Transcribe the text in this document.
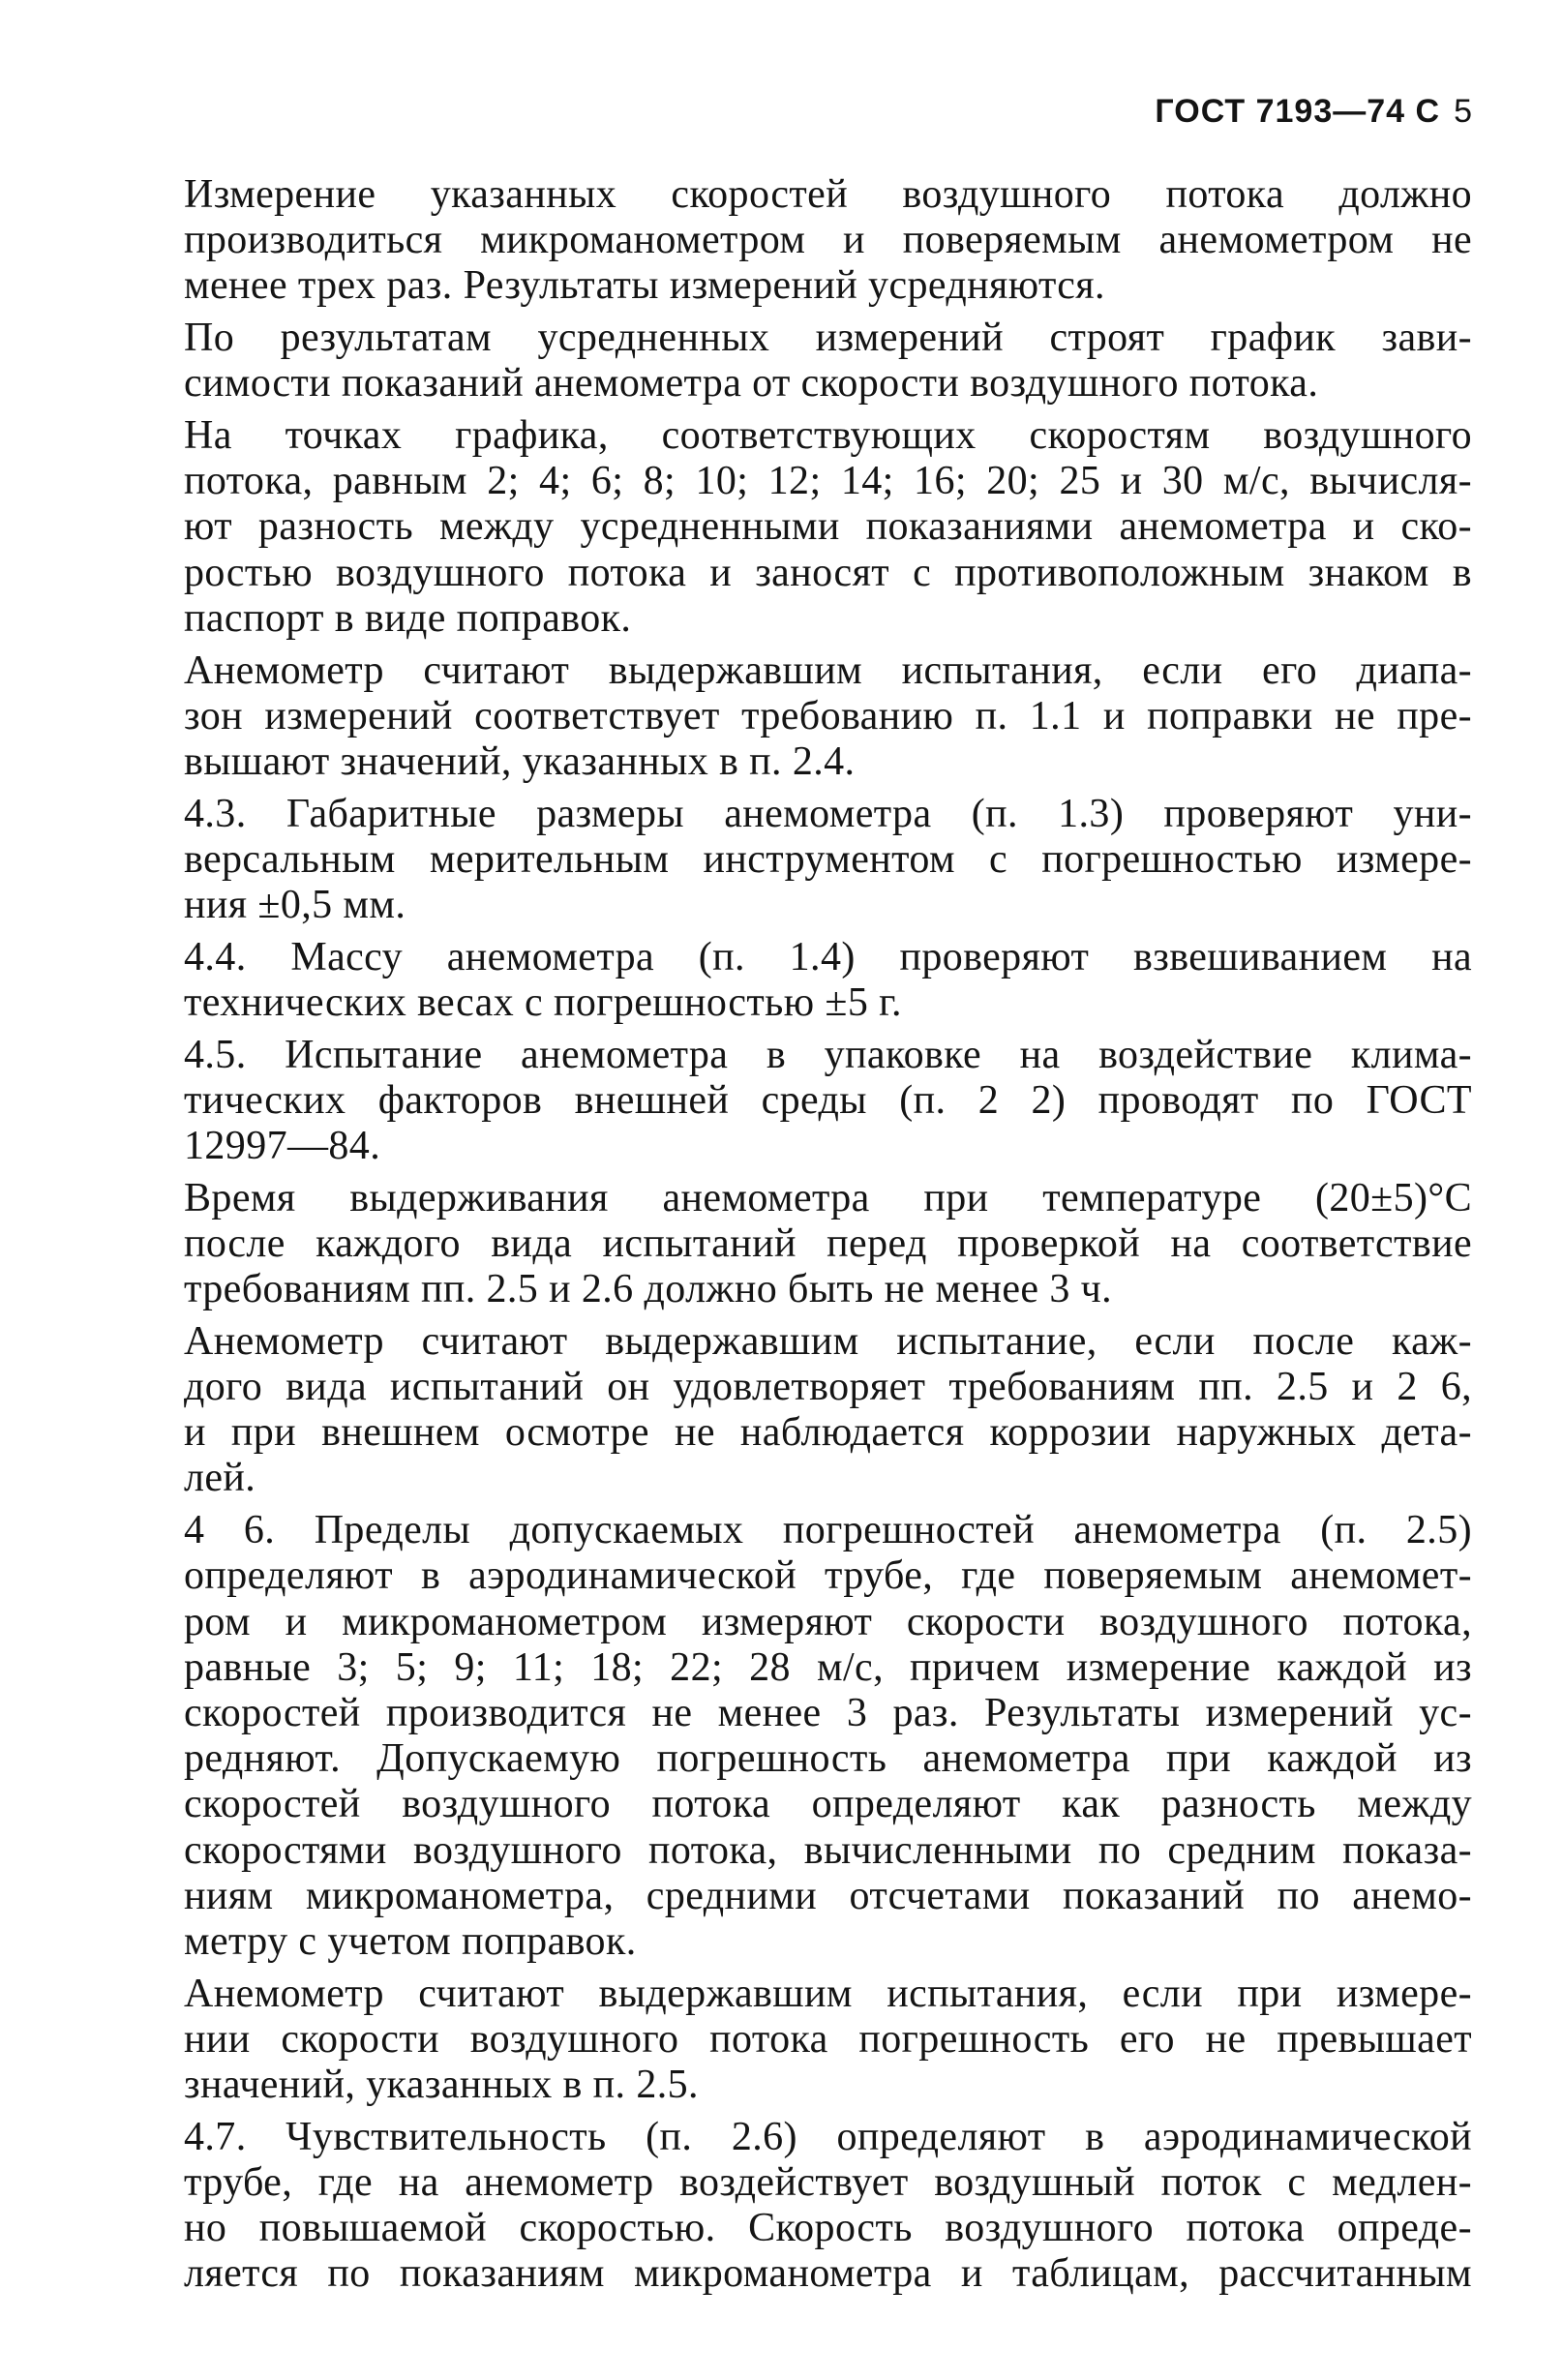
ГОСТ 7193—74 С 5

Измерение указанных скоростей воздушного потока должно
производиться микроманометром и поверяемым анемометром не
менее трех раз. Результаты измерений усредняются.

По результатам усредненных измерений строят график зави-
симости показаний анемометра от скорости воздушного потока.

На точках графика, соответствующих скоростям воздушного
потока, равным 2; 4; 6; 8; 10; 12; 14; 16; 20; 25 и 30 м/с, вычисля-
ют разность между усредненными показаниями анемометра и ско-
ростью воздушного потока и заносят с противоположным знаком в
паспорт в виде поправок.

Анемометр считают выдержавшим испытания, если его диапа-
зон измерений соответствует требованию п. 1.1 и поправки не пре-
вышают значений, указанных в п. 2.4.

4.3. Габаритные размеры анемометра (п. 1.3) проверяют уни-
версальным мерительным инструментом с погрешностью измере-
ния ±0,5 мм.

4.4. Массу анемометра (п. 1.4) проверяют взвешиванием на
технических весах с погрешностью ±5 г.

4.5. Испытание анемометра в упаковке на воздействие клима-
тических факторов внешней среды (п. 2 2) проводят по ГОСТ
12997—84.

Время выдерживания анемометра при температуре (20±5)°С
после каждого вида испытаний перед проверкой на соответствие
требованиям пп. 2.5 и 2.6 должно быть не менее 3 ч.

Анемометр считают выдержавшим испытание, если после каж-
дого вида испытаний он удовлетворяет требованиям пп. 2.5 и 2 6,
и при внешнем осмотре не наблюдается коррозии наружных дета-
лей.

4 6. Пределы допускаемых погрешностей анемометра (п. 2.5)
определяют в аэродинамической трубе, где поверяемым анемомет-
ром и микроманометром измеряют скорости воздушного потока,
равные 3; 5; 9; 11; 18; 22; 28 м/с, причем измерение каждой из
скоростей производится не менее 3 раз. Результаты измерений ус-
редняют. Допускаемую погрешность анемометра при каждой из
скоростей воздушного потока определяют как разность между
скоростями воздушного потока, вычисленными по средним показа-
ниям микроманометра, средними отсчетами показаний по анемо-
метру с учетом поправок.

Анемометр считают выдержавшим испытания, если при измере-
нии скорости воздушного потока погрешность его не превышает
значений, указанных в п. 2.5.

4.7. Чувствительность (п. 2.6) определяют в аэродинамической
трубе, где на анемометр воздействует воздушный поток с медлен-
но повышаемой скоростью. Скорость воздушного потока опреде-
ляется по показаниям микроманометра и таблицам, рассчитанным
